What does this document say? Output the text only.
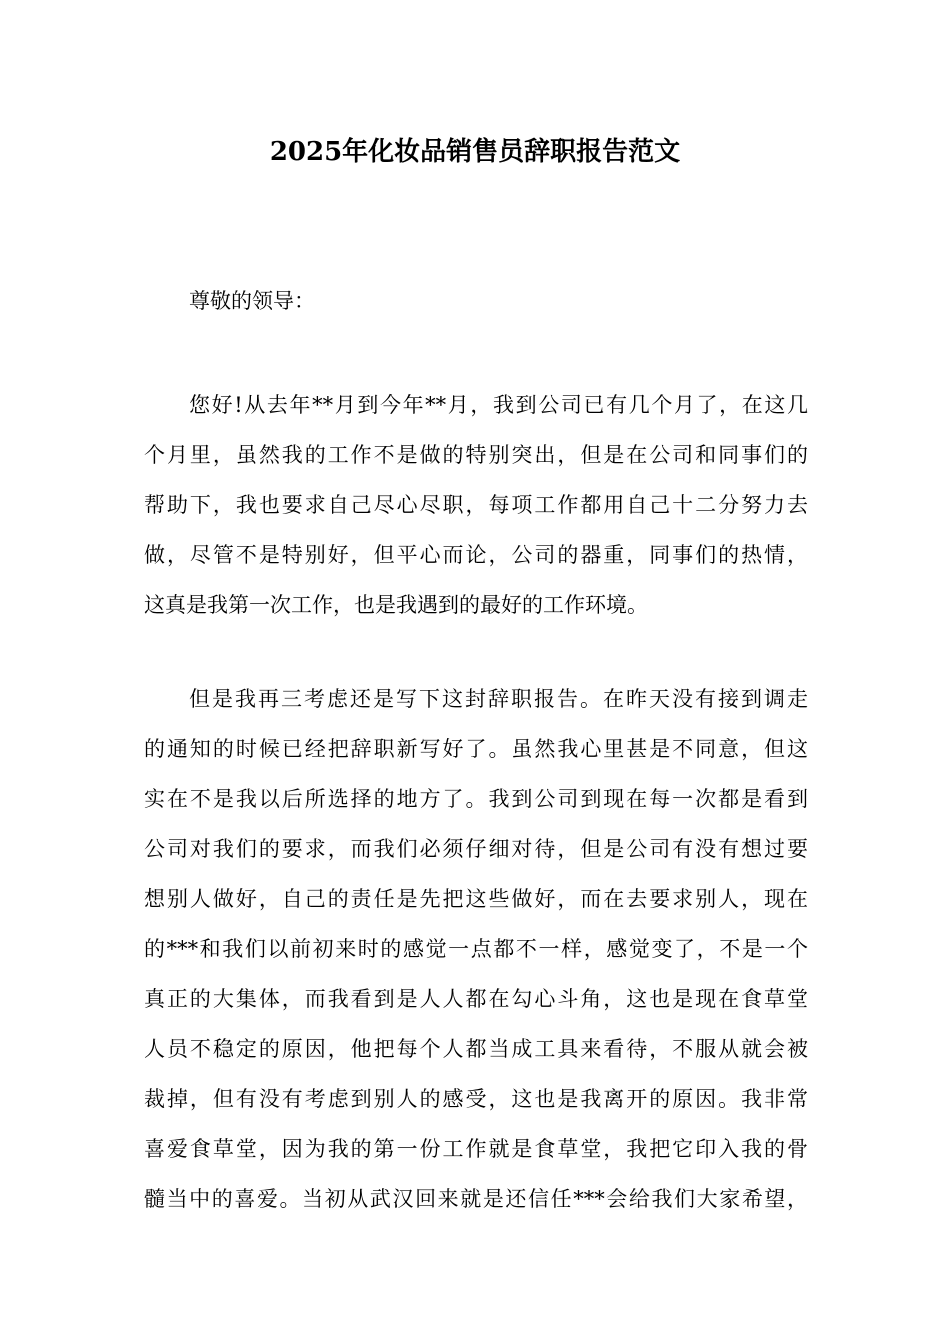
2025年化妆品销售员辞职报告范文

尊敬的领导：

您好!从去年**月到今年**月，我到公司已有几个月了，在这几
个月里，虽然我的工作不是做的特别突出，但是在公司和同事们的
帮助下，我也要求自己尽心尽职，每项工作都用自己十二分努力去
做，尽管不是特别好，但平心而论，公司的器重，同事们的热情，
这真是我第一次工作，也是我遇到的最好的工作环境。
但是我再三考虑还是写下这封辞职报告。在昨天没有接到调走
的通知的时候已经把辞职新写好了。虽然我心里甚是不同意，但这
实在不是我以后所选择的地方了。我到公司到现在每一次都是看到
公司对我们的要求，而我们必须仔细对待，但是公司有没有想过要
想别人做好，自己的责任是先把这些做好，而在去要求别人，现在
的***和我们以前初来时的感觉一点都不一样，感觉变了，不是一个
真正的大集体，而我看到是人人都在勾心斗角，这也是现在食草堂
人员不稳定的原因，他把每个人都当成工具来看待，不服从就会被
裁掉，但有没有考虑到别人的感受，这也是我离开的原因。我非常
喜爱食草堂，因为我的第一份工作就是食草堂，我把它印入我的骨
髓当中的喜爱。当初从武汉回来就是还信任***会给我们大家希望，
